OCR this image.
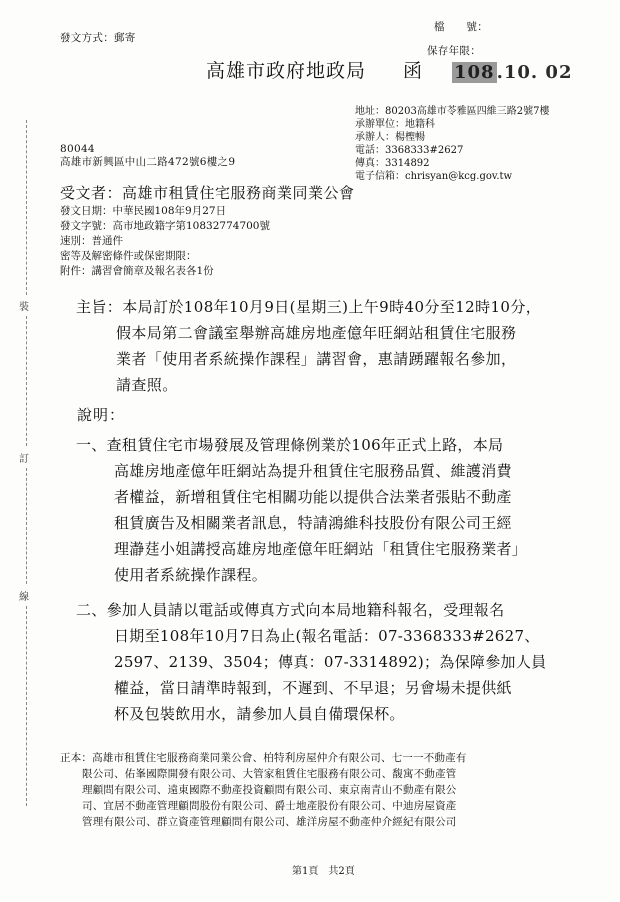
發文方式：郵寄
檔　　號：
保存年限：
高雄市政府地政局 函 108 .10. 02
地址：80203高雄市苓雅區四維三路2號7樓
承辦單位：地籍科
承辦人：楊檉暢
電話：3368333#2627
傳真：3314892
電子信箱：chrisyan@kcg.gov.tw
80044
高雄市新興區中山二路472號6樓之9
受文者：高雄市租賃住宅服務商業同業公會
發文日期：中華民國108年9月27日
發文字號：高市地政籍字第10832774700號
速別：普通件
密等及解密條件或保密期限：
附件：講習會簡章及報名表各1份
主旨：本局訂於108年10月9日(星期三)上午9時40分至12時10分，
假本局第二會議室舉辦高雄房地產億年旺網站租賃住宅服務
業者「使用者系統操作課程」講習會，惠請踴躍報名參加，
請查照。
說明：
一、查租賃住宅市場發展及管理條例業於106年正式上路，本局
高雄房地產億年旺網站為提升租賃住宅服務品質、維護消費
者權益，新增租賃住宅相關功能以提供合法業者張貼不動產
租賃廣告及相關業者訊息，特請鴻維科技股份有限公司王經
理瀞莛小姐講授高雄房地產億年旺網站「租賃住宅服務業者」
使用者系統操作課程。
二、參加人員請以電話或傳真方式向本局地籍科報名，受理報名
日期至108年10月7日為止(報名電話：07-3368333#2627、
2597、2139、3504；傳真：07-3314892)；為保障參加人員
權益，當日請準時報到，不遲到、不早退；另會場未提供紙
杯及包裝飲用水，請參加人員自備環保杯。
正本：高雄市租賃住宅服務商業同業公會、柏特利房屋仲介有限公司、七一一不動產有
限公司、佑峯國際開發有限公司、大管家租賃住宅服務有限公司、馥寓不動產管
理顧問有限公司、遠東國際不動產投資顧問有限公司、東京南青山不動產有限公
司、宜居不動產管理顧問股份有限公司、爵士地產股份有限公司、中迪房屋資產
管理有限公司、群立資產管理顧問有限公司、雄洋房屋不動產仲介經紀有限公司
裝
訂
線
第1頁　共2頁
